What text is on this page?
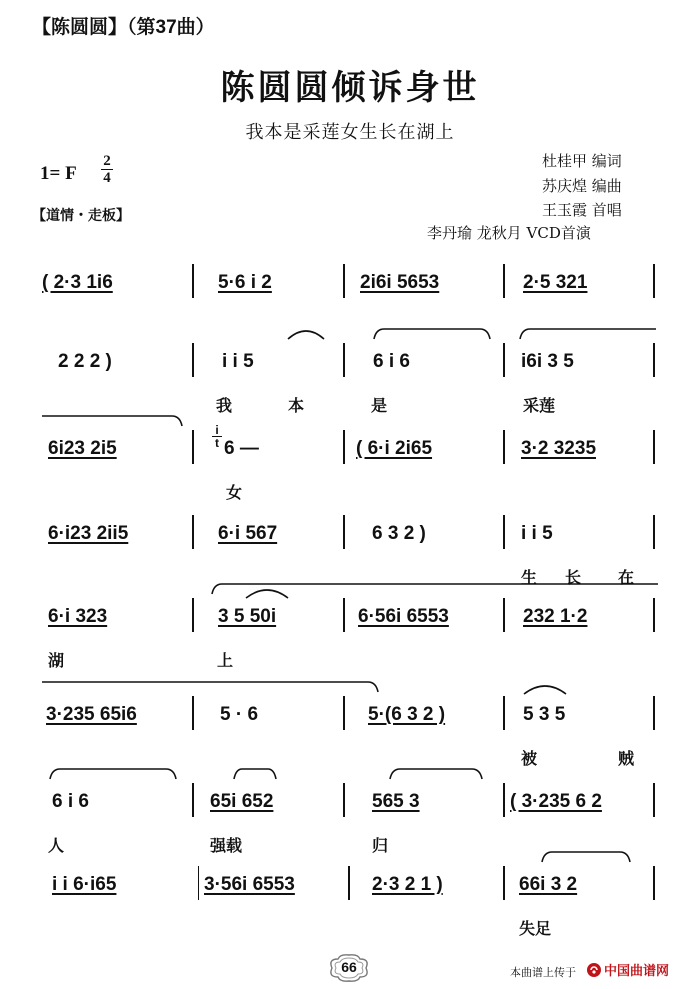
【陈圆圆】（第37曲）
陈圆圆倾诉身世
我本是采莲女生长在湖上
1= F
2
4
【道情・走板】
杜桂甲 编词
苏庆煌 编曲
王玉霞 首唱
李丹瑜 龙秋月 VCD首演
( 2·3 1i6	5·6 i 2	2i6i 5653	2·5 321
2 2 2 )	i i 5	6 i 6	i6i 3 5
我	本	是	采莲
6i23 2i5
i
t 6 —	( 6·i 2i65	3·2 3235
女
6·i23 2ii5	6·i 567	6 3 2 )	i i 5
生 长 在
6·i 323	3 5 50i	6·56i 6553	232 1·2
湖	上
3·235 65i6	5 · 6	5·(6 3 2 )	5 3 5
被	贼
6 i 6	65i 652	565 3	( 3·235 6 2
人	强载	归
i i 6·i65	3·56i 6553	2·3 2 1 )	66i 3 2
失足
66	本曲谱上传于 中国曲谱网
